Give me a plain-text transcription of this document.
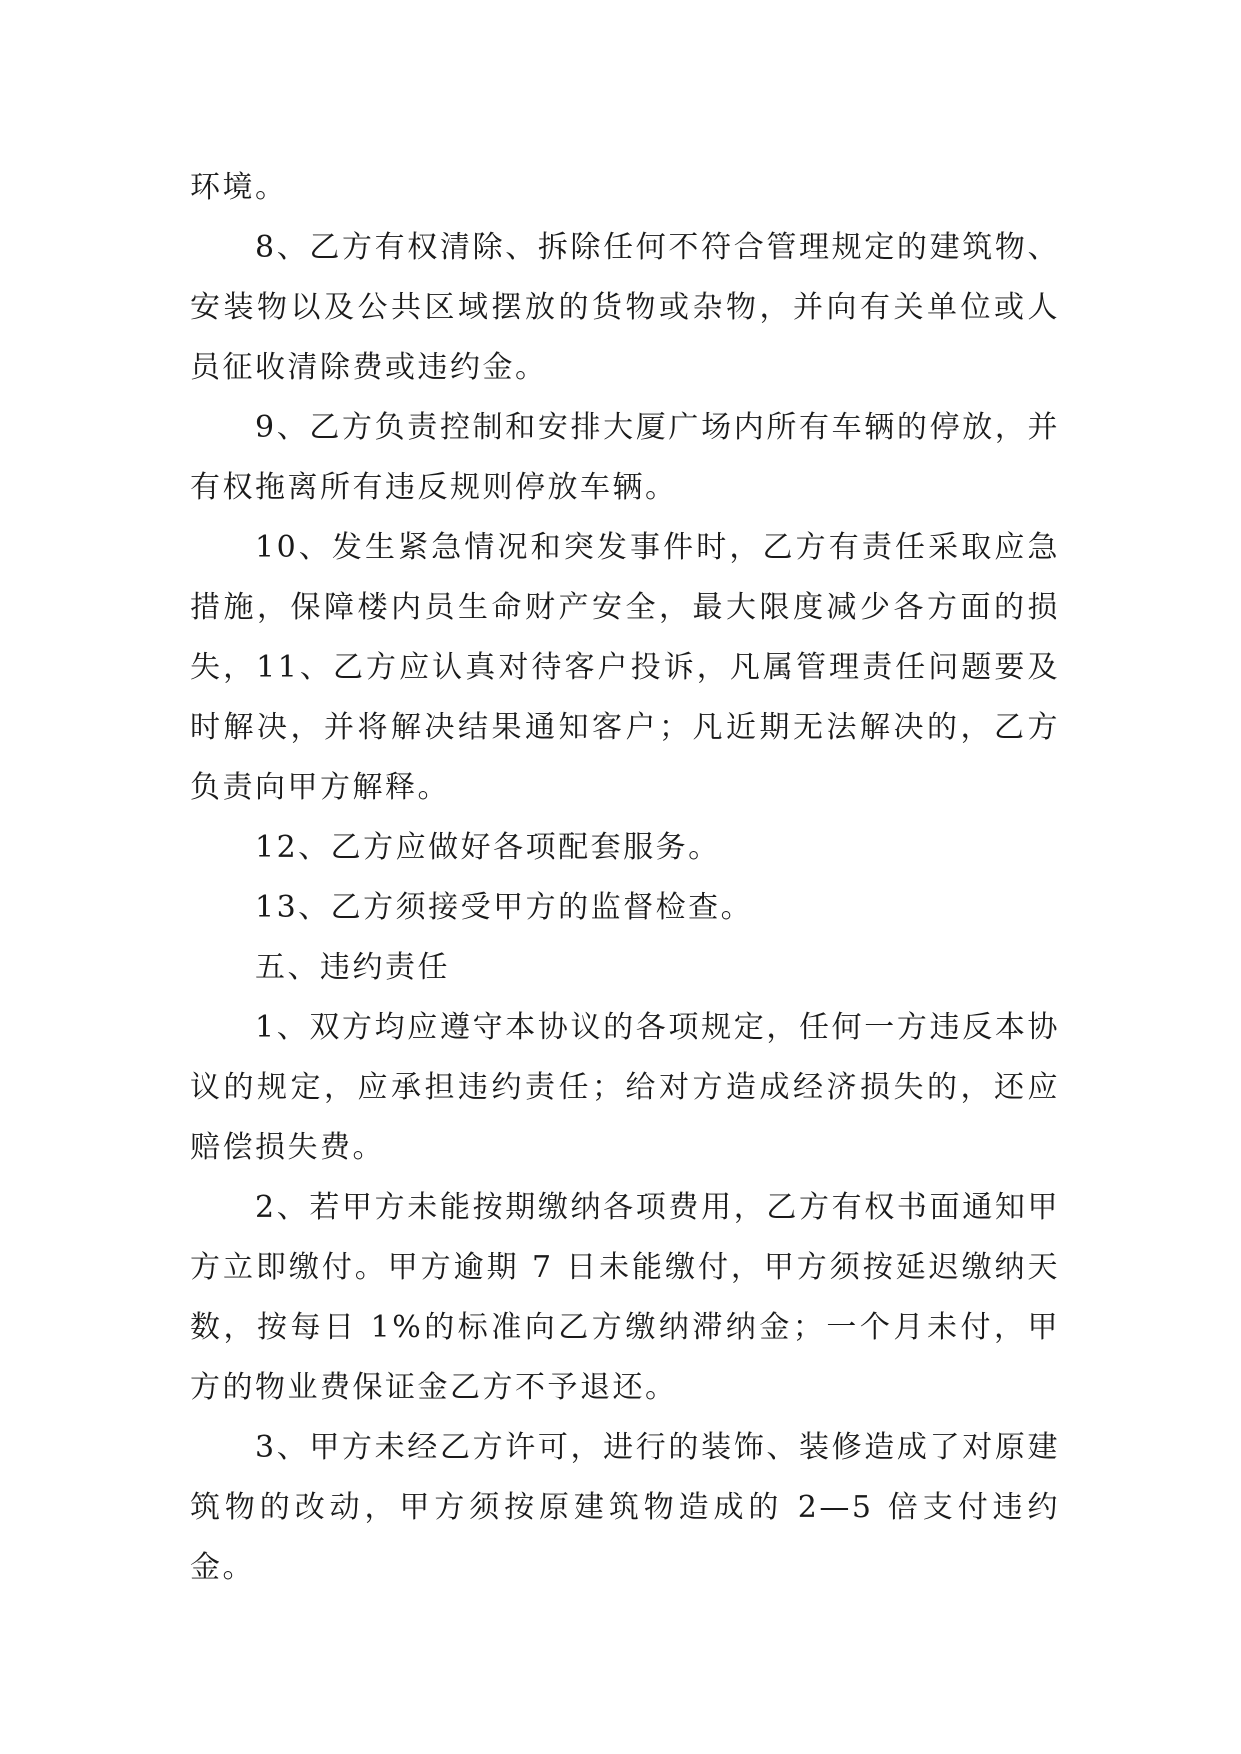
环境。

8、乙方有权清除、拆除任何不符合管理规定的建筑物、安装物以及公共区域摆放的货物或杂物，并向有关单位或人员征收清除费或违约金。

9、乙方负责控制和安排大厦广场内所有车辆的停放，并有权拖离所有违反规则停放车辆。

10、发生紧急情况和突发事件时，乙方有责任采取应急措施，保障楼内员生命财产安全，最大限度减少各方面的损失，11、乙方应认真对待客户投诉，凡属管理责任问题要及时解决，并将解决结果通知客户；凡近期无法解决的，乙方负责向甲方解释。

12、乙方应做好各项配套服务。

13、乙方须接受甲方的监督检查。

五、违约责任

1、双方均应遵守本协议的各项规定，任何一方违反本协议的规定，应承担违约责任；给对方造成经济损失的，还应赔偿损失费。

2、若甲方未能按期缴纳各项费用，乙方有权书面通知甲方立即缴付。甲方逾期 7 日未能缴付，甲方须按延迟缴纳天数，按每日 1%的标准向乙方缴纳滞纳金；一个月未付，甲方的物业费保证金乙方不予退还。

3、甲方未经乙方许可，进行的装饰、装修造成了对原建筑物的改动，甲方须按原建筑物造成的 2—5 倍支付违约金。
